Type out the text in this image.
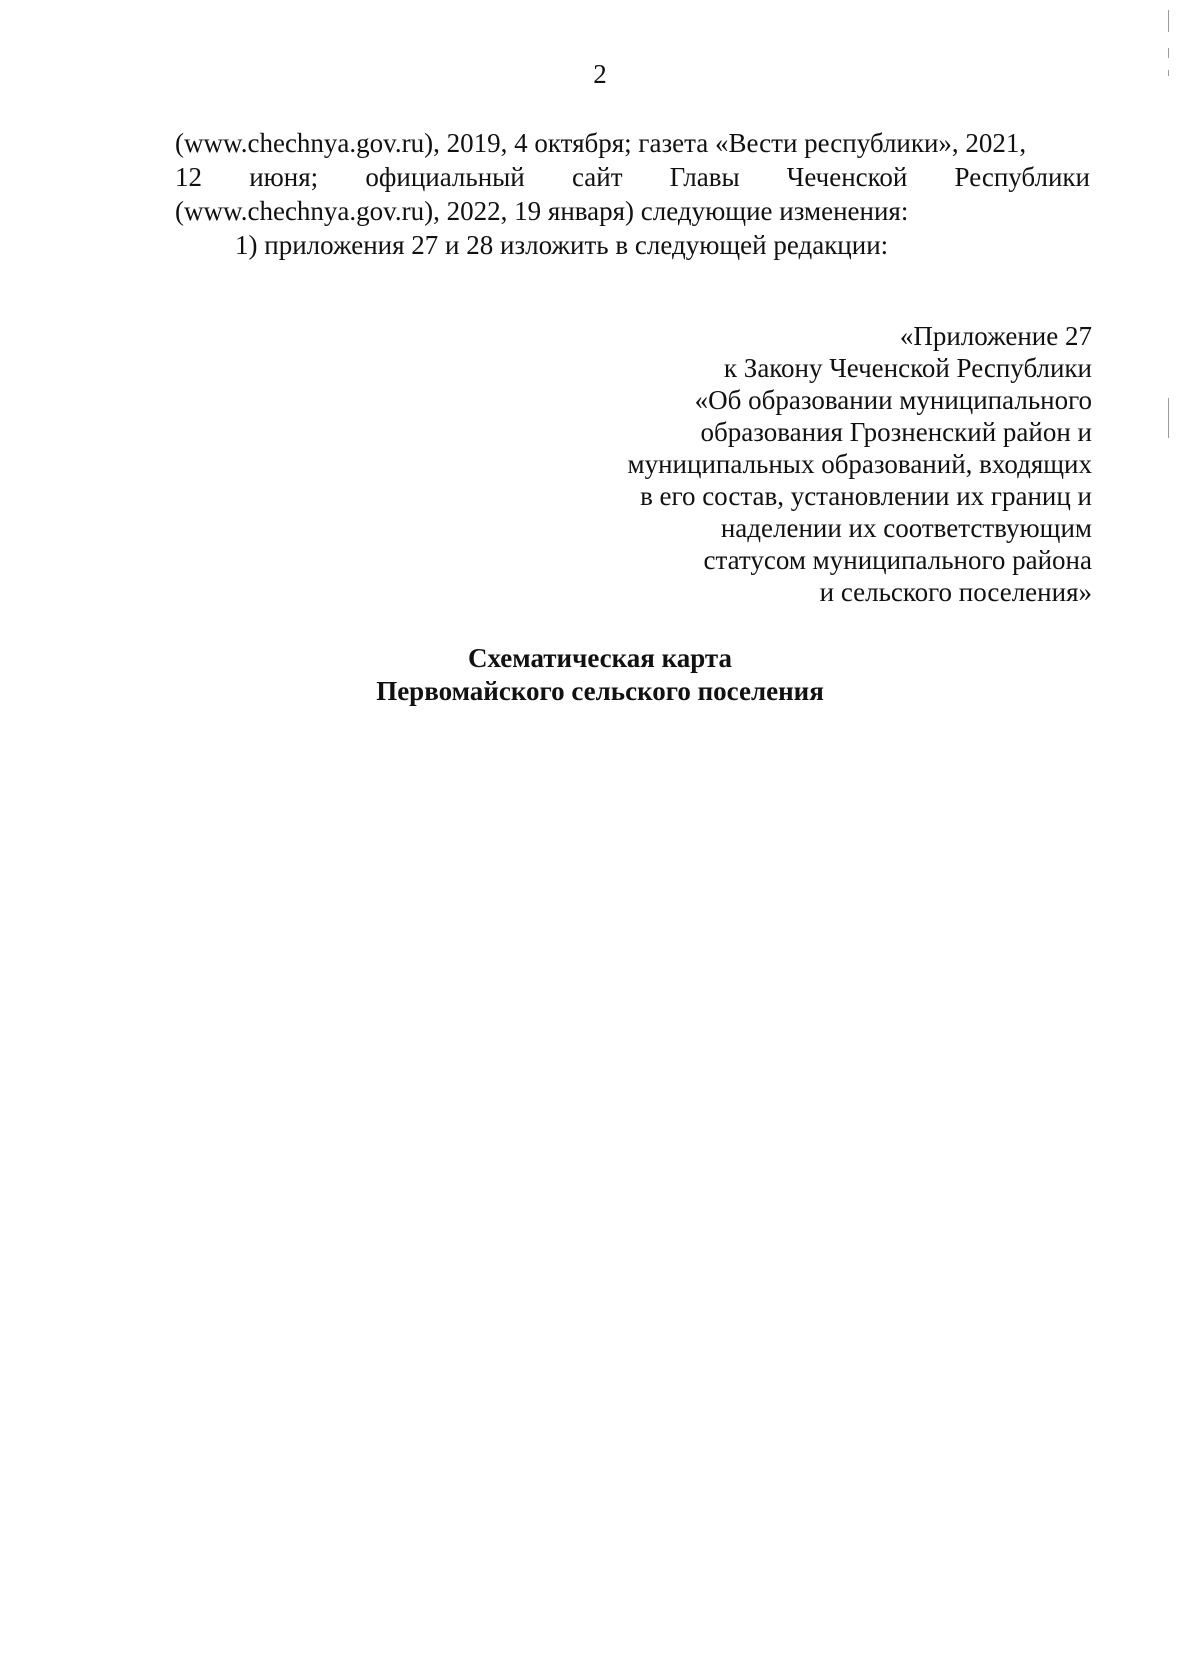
2
(www.chechnya.gov.ru), 2019, 4 октября; газета «Вести республики», 2021,
12 июня; официальный сайт Главы Чеченской Республики
(www.chechnya.gov.ru), 2022, 19 января) следующие изменения:
1) приложения 27 и 28 изложить в следующей редакции:
«Приложение 27
к Закону Чеченской Республики
«Об образовании муниципального
образования Грозненский район и
муниципальных образований, входящих
в его состав, установлении их границ и
наделении их соответствующим
статусом муниципального района
и сельского поселения»
Схематическая карта
Первомайского сельского поселения
